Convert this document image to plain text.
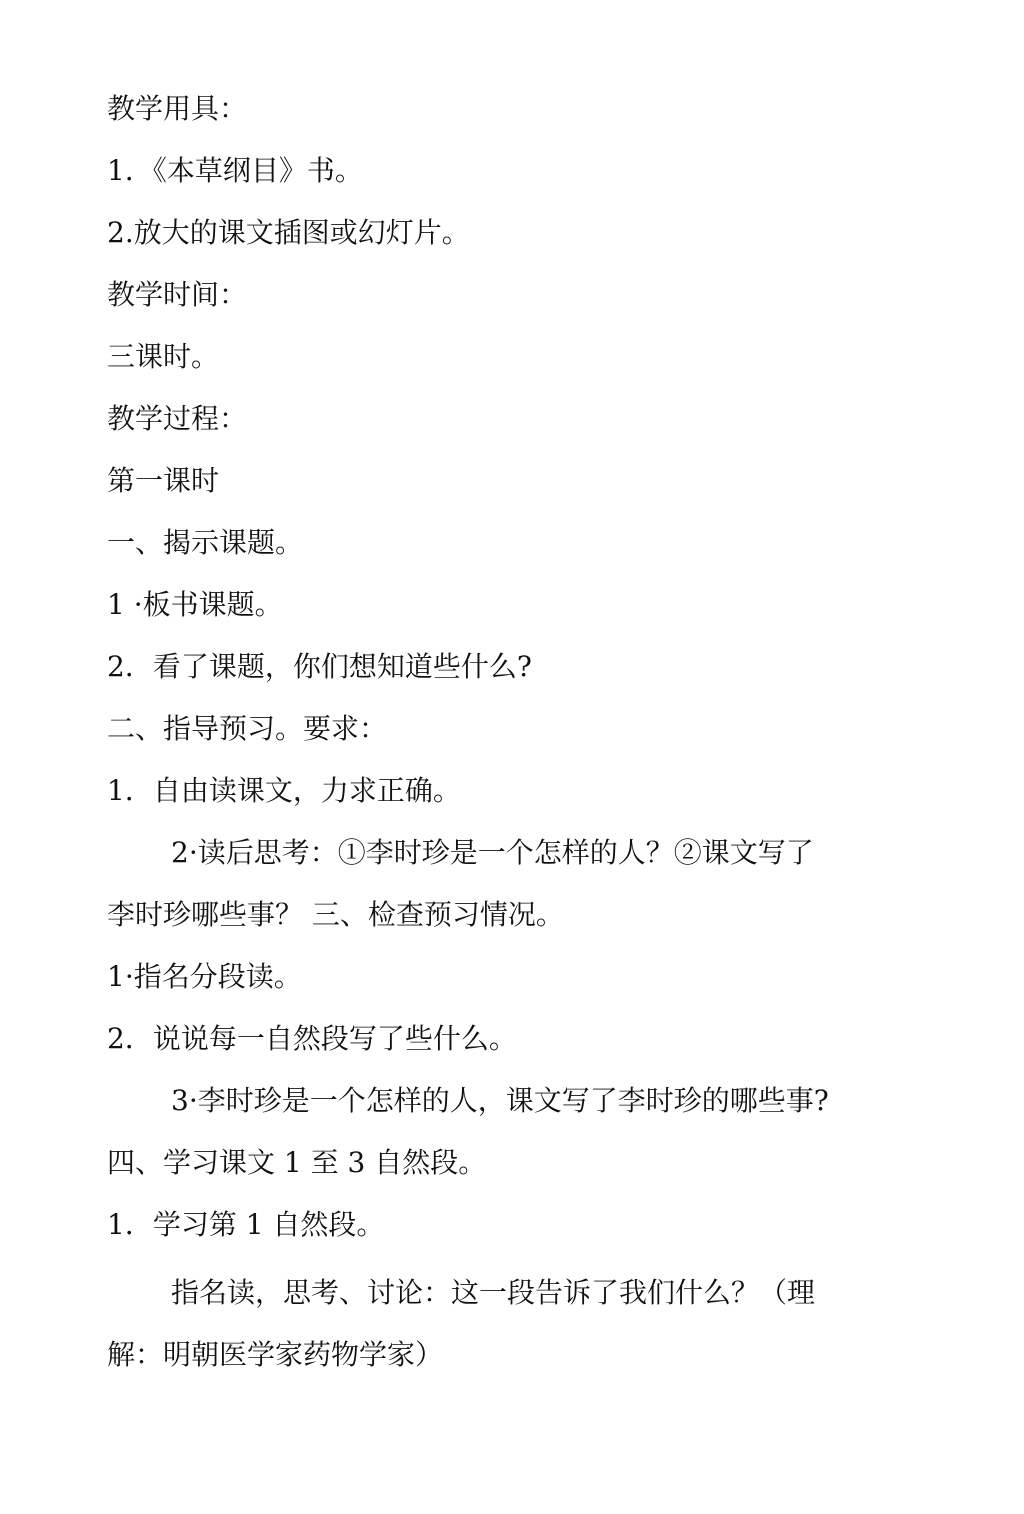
教学用具：
1．《本草纲目》书。
2.放大的课文插图或幻灯片。
教学时间：
三课时。
教学过程：
第一课时
一、揭示课题。
1 ·板书课题。
2．看了课题，你们想知道些什么?
二、指导预习。要求：
1．自由读课文，力求正确。
2·读后思考：①李时珍是一个怎样的人？②课文写了
李时珍哪些事？ 三、检查预习情况。
1·指名分段读。
2．说说每一自然段写了些什么。
3·李时珍是一个怎样的人，课文写了李时珍的哪些事?
四、学习课文 1 至 3 自然段。
1．学习第 1 自然段。
指名读，思考、讨论：这一段告诉了我们什么？（理
解：明朝医学家药物学家）
